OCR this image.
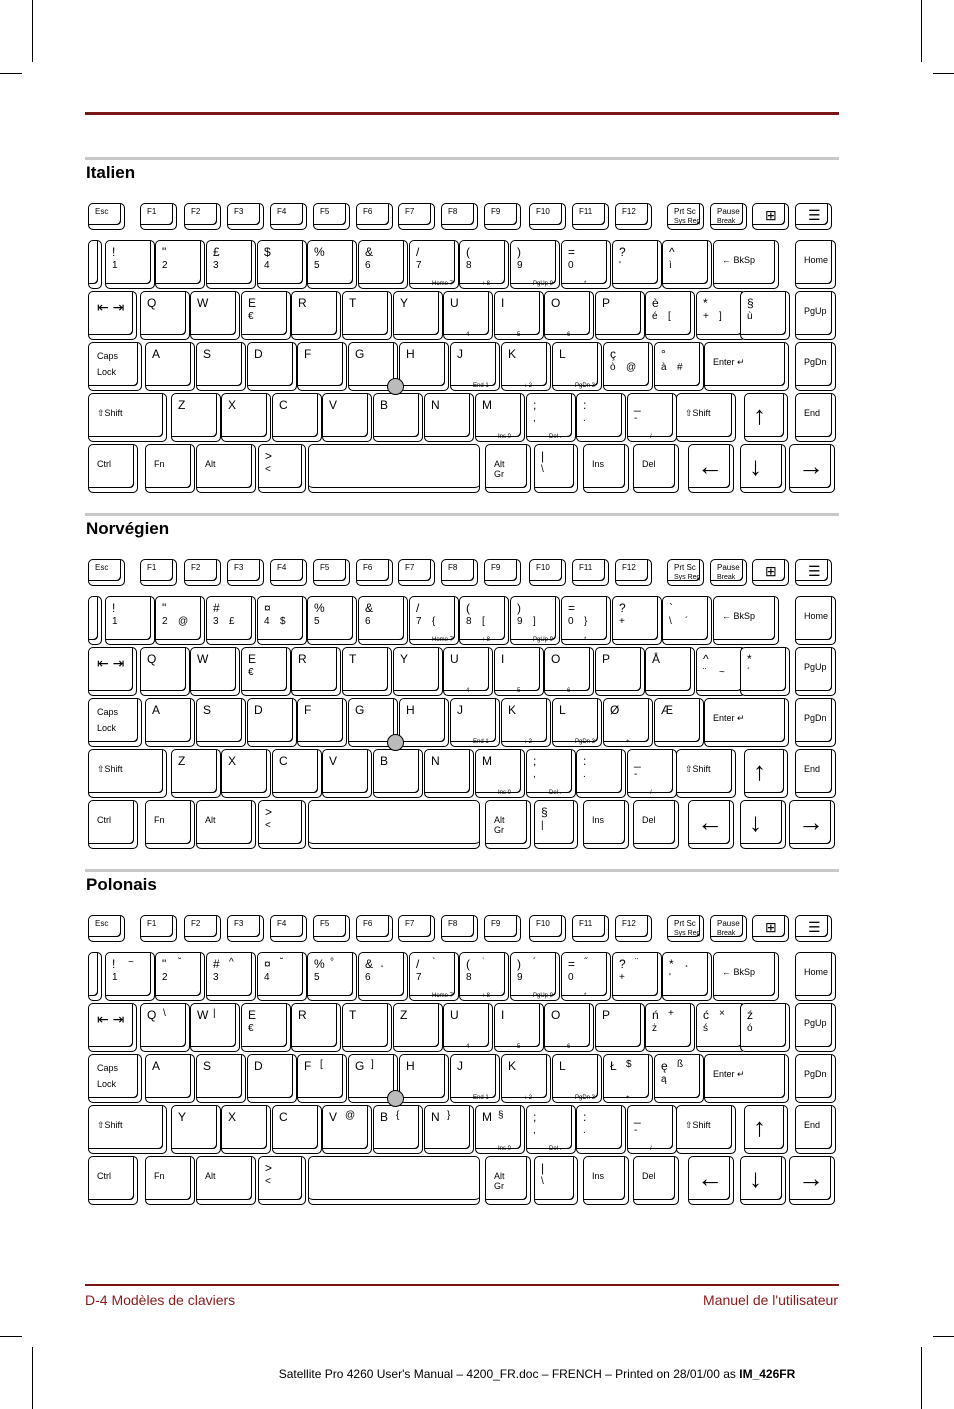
Italien
Esc	F1	F2	F3	F4	F5	F6	F7	F8	F9	F10	F11	F12	Prt Sc
Sys Req
Pause
Break ⊞ ☰
!
1
"
2
£
3
$
4
%
5
&
6
/
7
Home 7
(
8
↑ 8
)
9
PgUp 9
=
0
*
?
'
^
ì	← BkSp	Home
⇤ ⇥ Q	W	E
€
R	T	Y	U
4
I
5
O
6
P
-
è
é [
*
+ ]
§
ù	PgUp
Caps
Lock
A	S	D	F	G	H	J
End 1
K
↓ 2
L
PgDn 3
ç
ò @
°
à #	Enter ↵	PgDn
⇧Shift
Z	X	C	V	B	N	M
Ins 0
;
,
Del .
:
.
_
-
/
⇧Shift ↑	End
Ctrl	Fn	Alt
>
<	Alt
Gr
|
\	Ins	Del ← ↓ →
Norvégien
Esc	F1	F2	F3	F4	F5	F6	F7	F8	F9	F10	F11	F12	Prt Sc
Sys Req
Pause
Break ⊞ ☰
!
1
"
2 @
#
3 £
¤
4 $
%
5
&
6
/
7 {
Home 7
(
8 [
↑ 8
)
9 ]
PgUp 9
=
0 }
*
?
+
`
\ ´	← BkSp	Home
⇤ ⇥ Q	W	E
€
R	T	Y	U
4
I
5
O
6
P
-
Å	^
¨ ~
*
´	PgUp
Caps
Lock
A	S	D	F	G	H	J
End 1
K
↓ 2
L
PgDn 3
Ø
+
Æ
Enter ↵	PgDn
⇧Shift
Z	X	C	V	B	N	M
Ins 0
;
,
Del .
:
.
_
-
/
⇧Shift ↑	End
Ctrl	Fn	Alt
>
<	Alt
Gr
§
|	Ins	Del ← ↓ →
Polonais
Esc	F1	F2	F3	F4	F5	F6	F7	F8	F9	F10	F11	F12	Prt Sc
Sys Req
Pause
Break ⊞ ☰
!
1
~ "
2
ˇ	#
3
^	¤
4
˘	%
5
°	&
6
˛	/
7
`
Home 7
(
8
˙
↑ 8
)
9
´
PgUp 9
=
0
˝
*
?
+
¨	*
'
¸
← BkSp	Home
⇤ ⇥ Q \	W |	E
€
R	T	Z	U
4
I
5
O
6
P
-
ń
ż
+ ć
ś
× ź
ó	PgUp
Caps
Lock
A	S	D	F [	G ]	H	J
End 1
K
↓ 2
L
PgDn 3
Ł $
+
ę
ą
ß
Enter ↵	PgDn
⇧Shift
Y	X	C	V @ B {	N }	M §
Ins 0
;
,
Del .
:
.
_
-
/
⇧Shift ↑	End
Ctrl	Fn	Alt
>
<	Alt
Gr
|
\	Ins	Del ← ↓ →
D-4 Modèles de claviers	Manuel de l'utilisateur
Satellite Pro 4260 User's Manual – 4200_FR.doc – FRENCH – Printed on 28/01/00 as IM_426FR
